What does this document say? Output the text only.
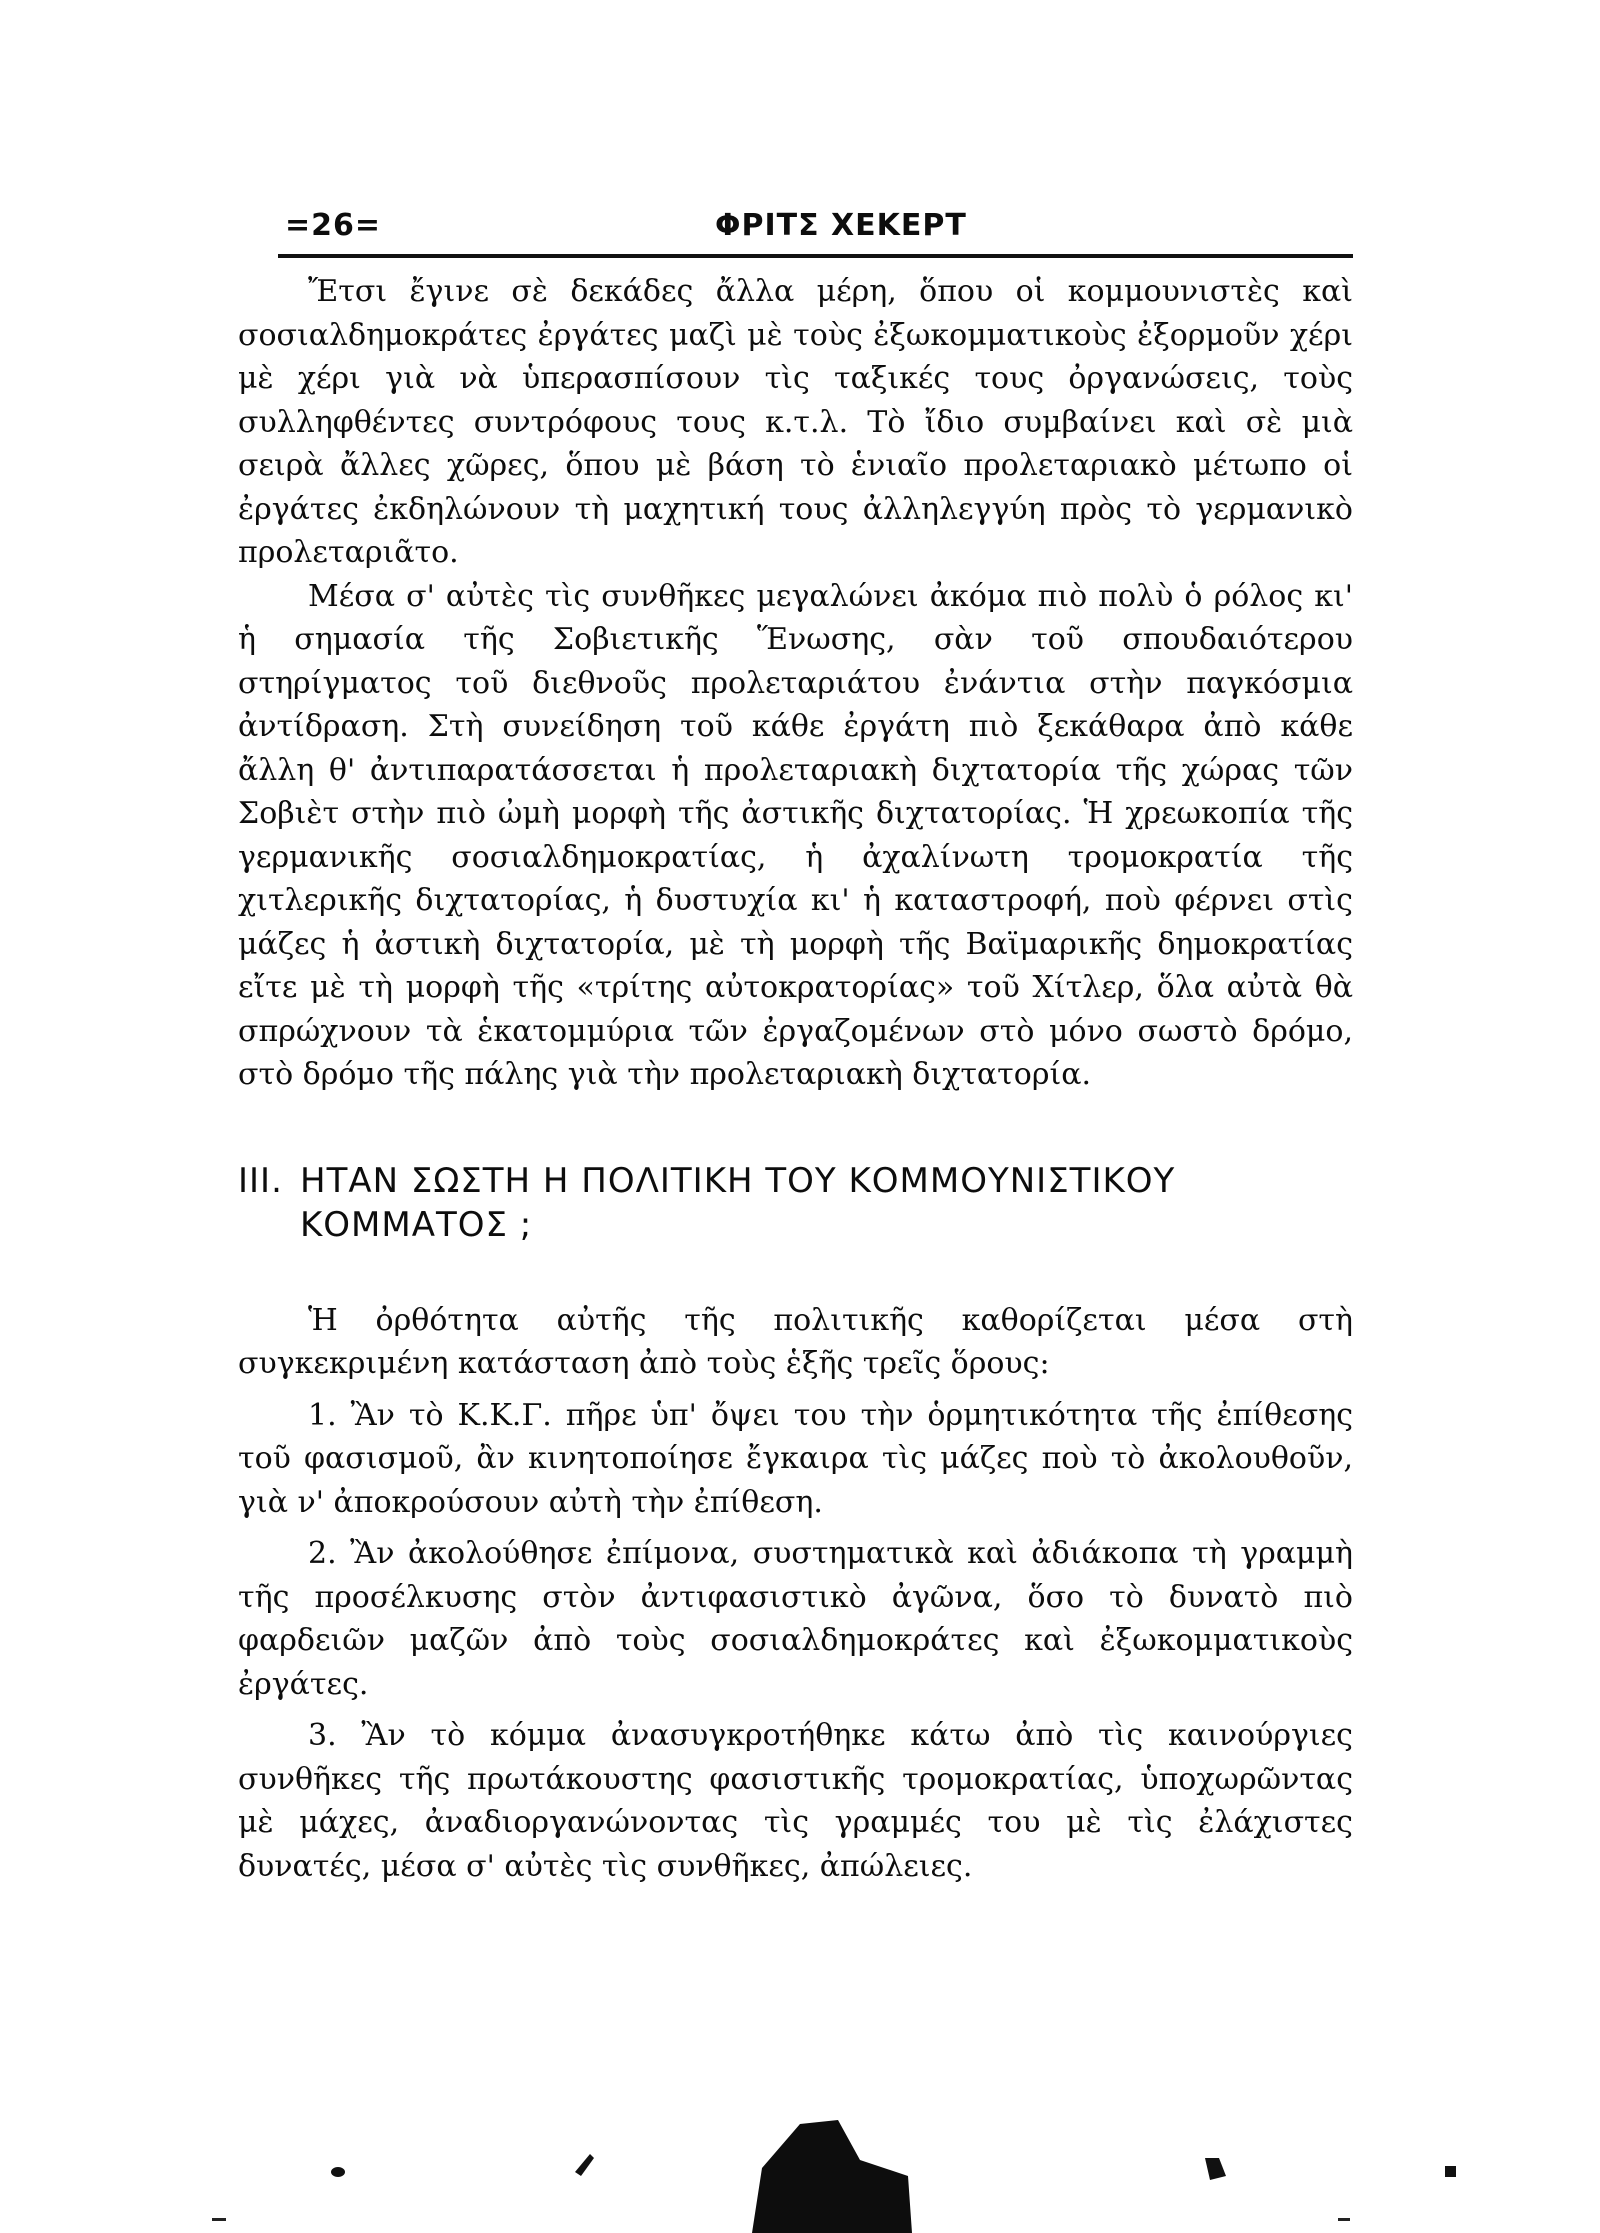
=26=	ΦΡΙΤΣ ΧΕΚΕΡΤ

Ἔτσι ἔγινε σὲ δεκάδες ἄλλα μέρη, ὅπου οἱ κομμουνιστὲς καὶ σοσιαλδημοκράτες ἐργάτες μαζὶ μὲ τοὺς ἐξωκομματικοὺς ἐξορμοῦν χέρι μὲ χέρι γιὰ νὰ ὑπερασπίσουν τὶς ταξικές τους ὀργανώσεις, τοὺς συλληφθέντες συντρόφους τους κ.τ.λ. Τὸ ἴδιο συμβαίνει καὶ σὲ μιὰ σειρὰ ἄλλες χῶρες, ὅπου μὲ βάση τὸ ἑνιαῖο προλεταριακὸ μέτωπο οἱ ἐργάτες ἐκδηλώνουν τὴ μαχητική τους ἀλληλεγγύη πρὸς τὸ γερμανικὸ προλεταριᾶτο.

Μέσα σ' αὐτὲς τὶς συνθῆκες μεγαλώνει ἀκόμα πιὸ πολὺ ὁ ρόλος κι' ἡ σημασία τῆς Σοβιετικῆς Ἕνωσης, σὰν τοῦ σπουδαιότερου στηρίγματος τοῦ διεθνοῦς προλεταριάτου ἐνάντια στὴν παγκόσμια ἀντίδραση. Στὴ συνείδηση τοῦ κάθε ἐργάτη πιὸ ξεκάθαρα ἀπὸ κάθε ἄλλη θ' ἀντιπαρατάσσεται ἡ προλεταριακὴ διχτατορία τῆς χώρας τῶν Σοβιὲτ στὴν πιὸ ὠμὴ μορφὴ τῆς ἀστικῆς διχτατορίας. Ἡ χρεωκοπία τῆς γερμανικῆς σοσιαλδημοκρατίας, ἡ ἀχαλίνωτη τρομοκρατία τῆς χιτλερικῆς διχτατορίας, ἡ δυστυχία κι' ἡ καταστροφή, ποὺ φέρνει στὶς μάζες ἡ ἀστικὴ διχτατορία, μὲ τὴ μορφὴ τῆς Βαϊμαρικῆς δημοκρατίας εἴτε μὲ τὴ μορφὴ τῆς «τρίτης αὐτοκρατορίας» τοῦ Χίτλερ, ὅλα αὐτὰ θὰ σπρώχνουν τὰ ἑκατομμύρια τῶν ἐργαζομένων στὸ μόνο σωστὸ δρόμο, στὸ δρόμο τῆς πάλης γιὰ τὴν προλεταριακὴ διχτατορία.

III. ΗΤΑΝ ΣΩΣΤΗ Η ΠΟΛΙΤΙΚΗ ΤΟΥ ΚΟΜΜΟΥΝΙΣΤΙΚΟΥ
ΚΟΜΜΑΤΟΣ ;

Ἡ ὀρθότητα αὐτῆς τῆς πολιτικῆς καθορίζεται μέσα στὴ συγκεκριμένη κατάσταση ἀπὸ τοὺς ἑξῆς τρεῖς ὅρους:

1. Ἂν τὸ Κ.Κ.Γ. πῆρε ὑπ' ὄψει του τὴν ὁρμητικότητα τῆς ἐπίθεσης τοῦ φασισμοῦ, ἂν κινητοποίησε ἔγκαιρα τὶς μάζες ποὺ τὸ ἀκολουθοῦν, γιὰ ν' ἀποκρούσουν αὐτὴ τὴν ἐπίθεση.

2. Ἂν ἀκολούθησε ἐπίμονα, συστηματικὰ καὶ ἀδιάκοπα τὴ γραμμὴ τῆς προσέλκυσης στὸν ἀντιφασιστικὸ ἀγῶνα, ὅσο τὸ δυνατὸ πιὸ φαρδειῶν μαζῶν ἀπὸ τοὺς σοσιαλδημοκράτες καὶ ἐξωκομματικοὺς ἐργάτες.

3. Ἂν τὸ κόμμα ἀνασυγκροτήθηκε κάτω ἀπὸ τὶς καινούργιες συνθῆκες τῆς πρωτάκουστης φασιστικῆς τρομοκρατίας, ὑποχωρῶντας μὲ μάχες, ἀναδιοργανώνοντας τὶς γραμμές του μὲ τὶς ἐλάχιστες δυνατές, μέσα σ' αὐτὲς τὶς συνθῆκες, ἀπώλειες.
